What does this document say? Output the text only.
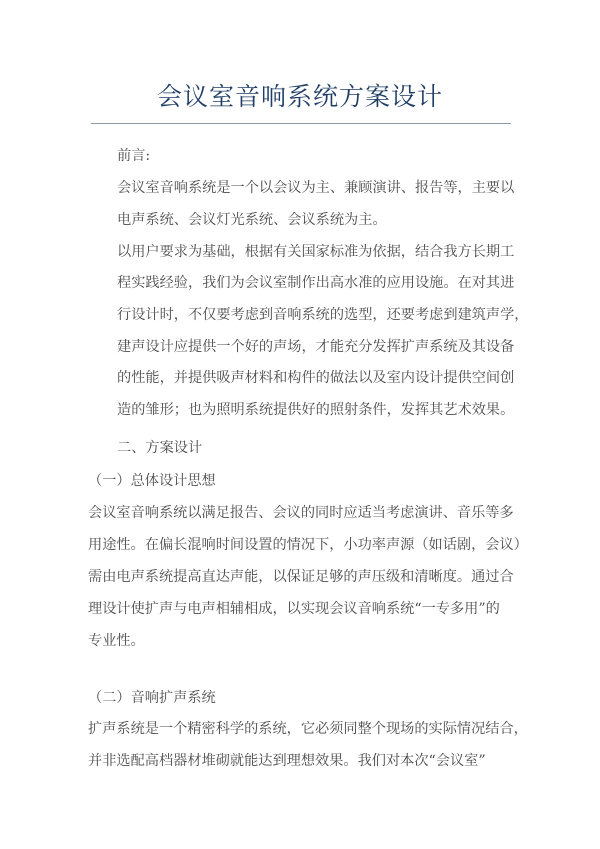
会议室音响系统方案设计
前言:
会议室音响系统是一个以会议为主、兼顾演讲、报告等，主要以
电声系统、会议灯光系统、会议系统为主。
以用户要求为基础，根据有关国家标准为依据，结合我方长期工
程实践经验，我们为会议室制作出高水准的应用设施。在对其进
行设计时，不仅要考虑到音响系统的选型，还要考虑到建筑声学，
建声设计应提供一个好的声场，才能充分发挥扩声系统及其设备
的性能，并提供吸声材料和构件的做法以及室内设计提供空间创
造的雏形；也为照明系统提供好的照射条件，发挥其艺术效果。
二、方案设计
（一）总体设计思想
会议室音响系统以满足报告、会议的同时应适当考虑演讲、音乐等多
用途性。在偏长混响时间设置的情况下，小功率声源（如话剧，会议）
需由电声系统提高直达声能，以保证足够的声压级和清晰度。通过合
理设计使扩声与电声相辅相成，以实现会议音响系统“一专多用”的
专业性。
（二）音响扩声系统
扩声系统是一个精密科学的系统，它必须同整个现场的实际情况结合，
并非选配高档器材堆砌就能达到理想效果。我们对本次“会议室”
